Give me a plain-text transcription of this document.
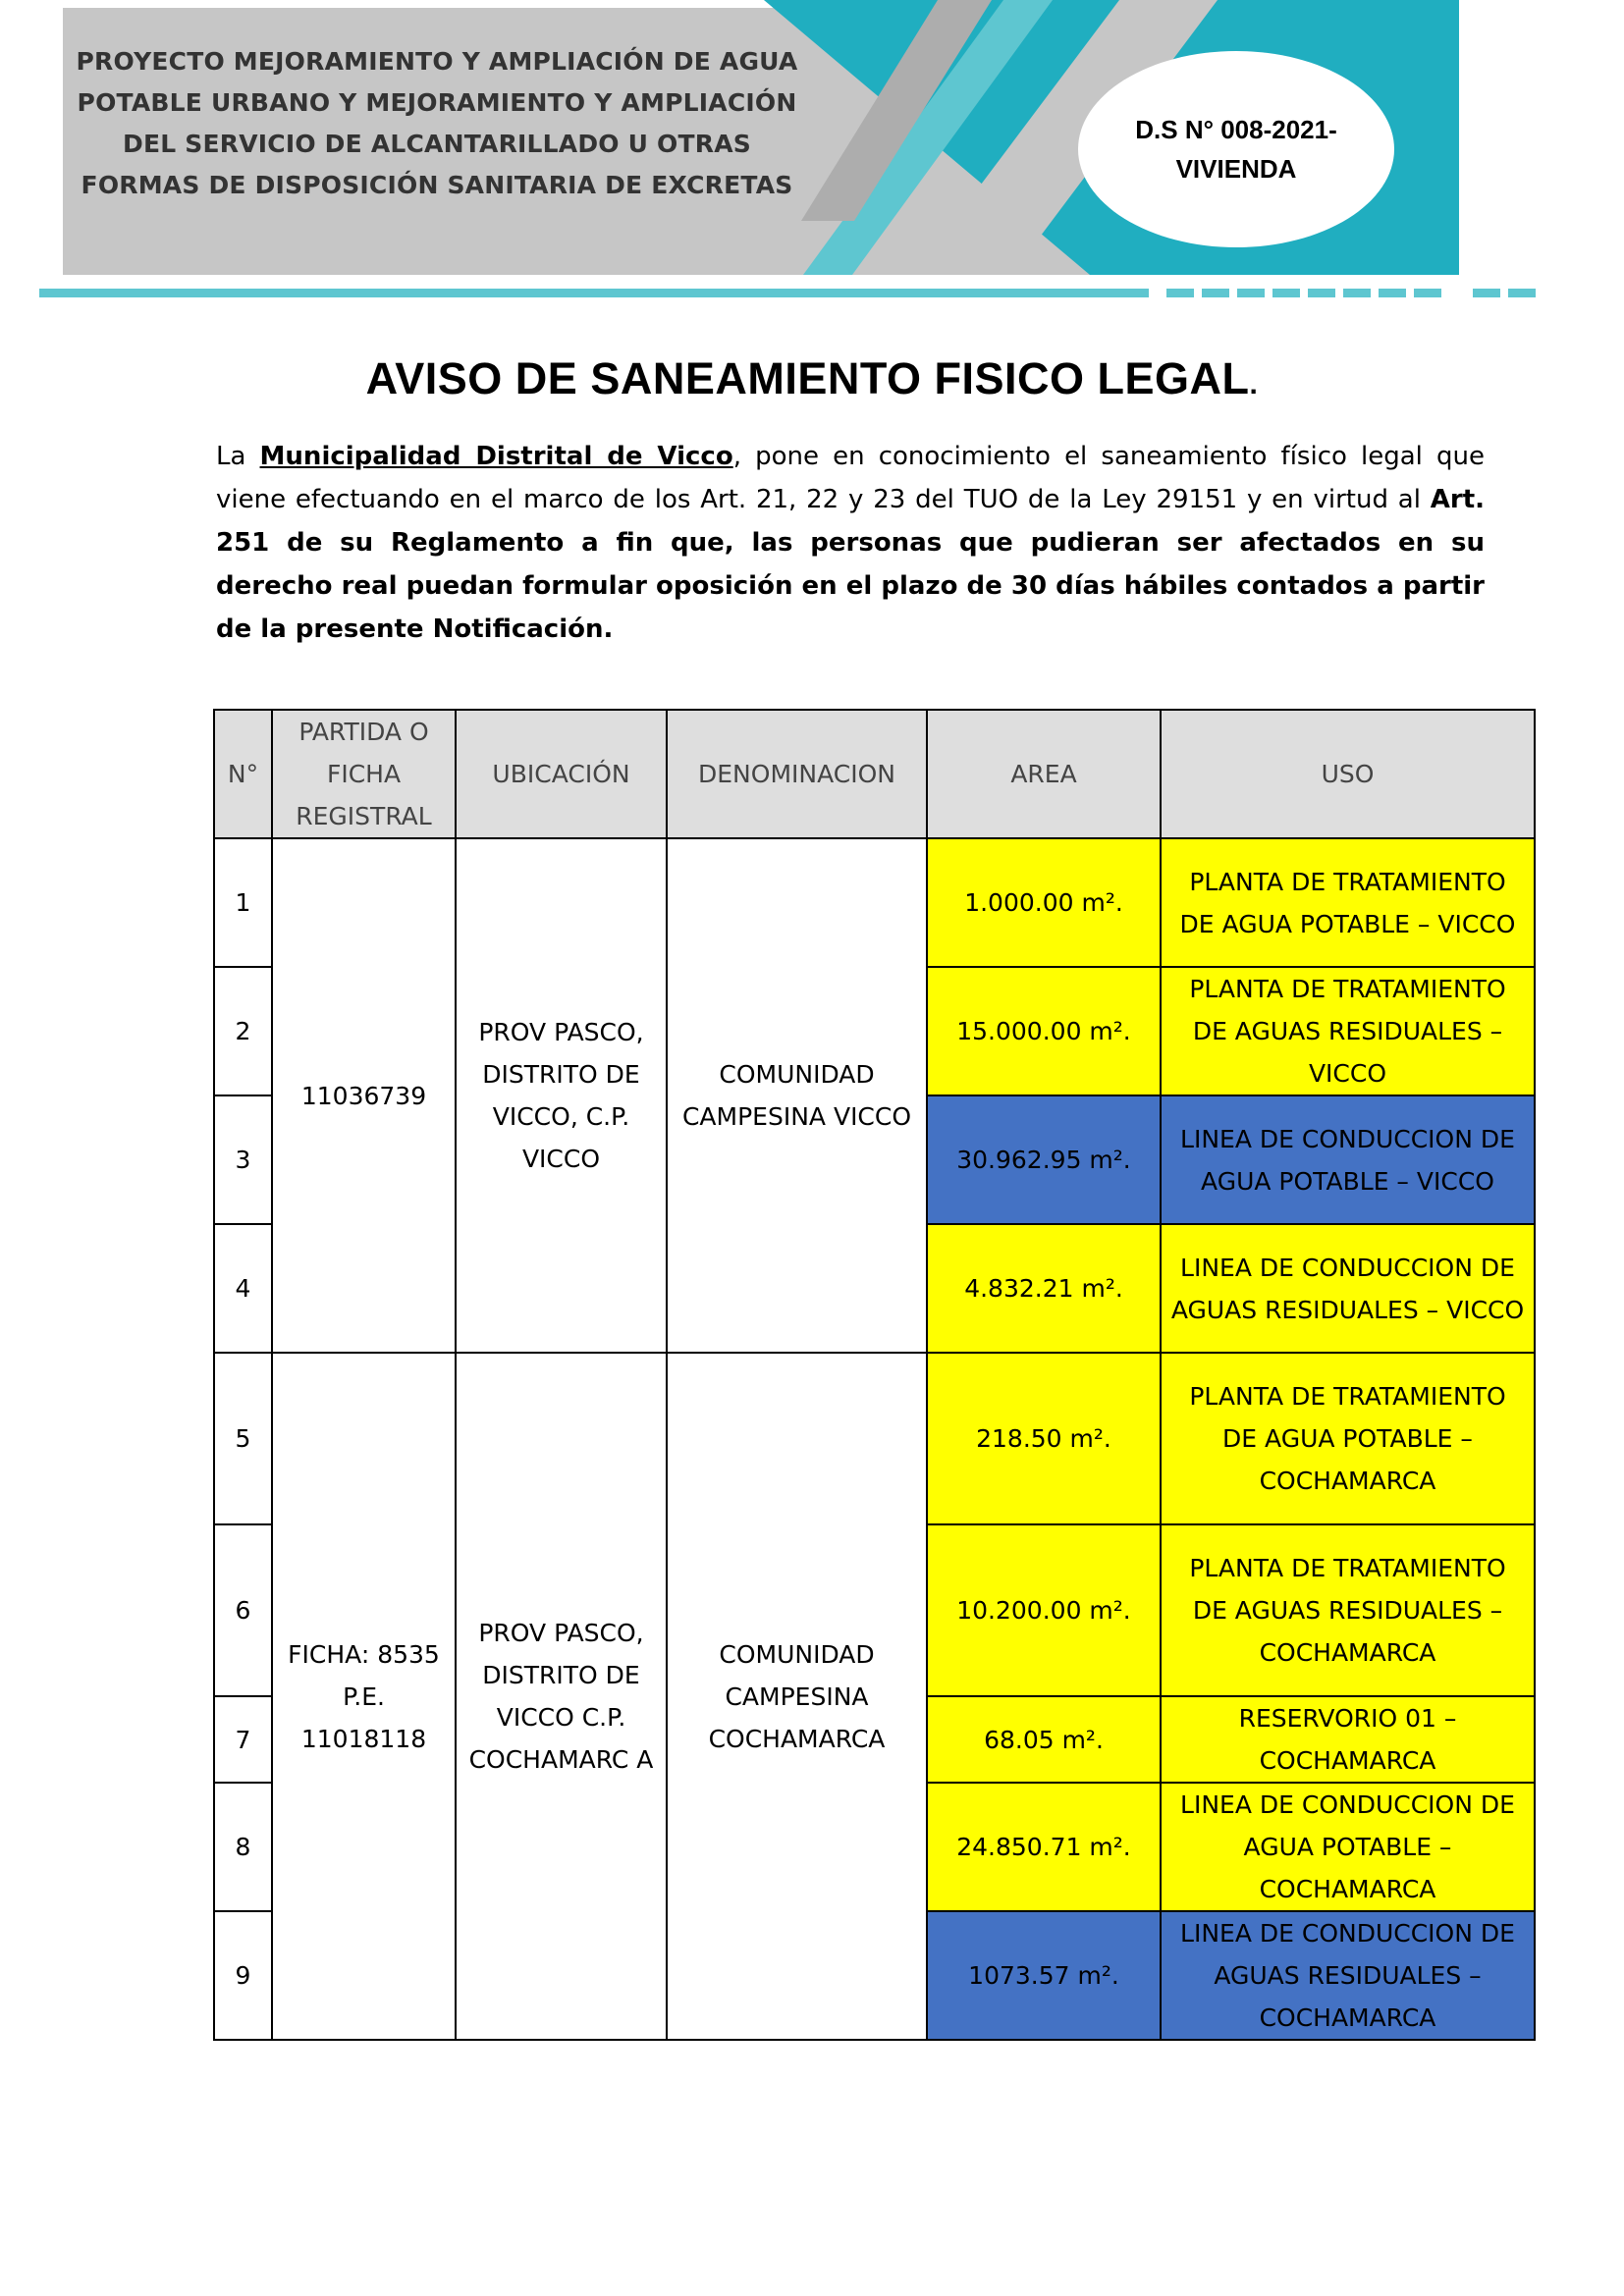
PROYECTO MEJORAMIENTO Y AMPLIACIÓN DE AGUA
POTABLE URBANO Y MEJORAMIENTO Y AMPLIACIÓN
DEL SERVICIO DE ALCANTARILLADO U OTRAS
FORMAS DE DISPOSICIÓN SANITARIA DE EXCRETAS
D.S N° 008-2021-
VIVIENDA
AVISO DE SANEAMIENTO FISICO LEGAL.
La Municipalidad Distrital de Vicco, pone en conocimiento el saneamiento físico legal que viene efectuando en el marco de los Art. 21, 22 y 23 del TUO de la Ley 29151 y en virtud al Art. 251 de su Reglamento a fin que, las personas que pudieran ser afectados en su derecho real puedan formular oposición en el plazo de 30 días hábiles contados a partir de la presente Notificación.
N°	PARTIDA O FICHA REGISTRAL	UBICACIÓN	DENOMINACION	AREA	USO
1	11036739	PROV PASCO, DISTRITO DE VICCO, C.P. VICCO	COMUNIDAD CAMPESINA VICCO	1.000.00 m².	PLANTA DE TRATAMIENTO DE AGUA POTABLE – VICCO
2				15.000.00 m².	PLANTA DE TRATAMIENTO DE AGUAS RESIDUALES – VICCO
3				30.962.95 m².	LINEA DE CONDUCCION DE AGUA POTABLE – VICCO
4				4.832.21 m².	LINEA DE CONDUCCION DE AGUAS RESIDUALES – VICCO
5	FICHA: 8535 P.E. 11018118	PROV PASCO, DISTRITO DE VICCO C.P. COCHAMARC A	COMUNIDAD CAMPESINA COCHAMARCA	218.50 m².	PLANTA DE TRATAMIENTO DE AGUA POTABLE – COCHAMARCA
6				10.200.00 m².	PLANTA DE TRATAMIENTO DE AGUAS RESIDUALES – COCHAMARCA
7				68.05 m².	RESERVORIO 01 – COCHAMARCA
8				24.850.71 m².	LINEA DE CONDUCCION DE AGUA POTABLE – COCHAMARCA
9				1073.57 m².	LINEA DE CONDUCCION DE AGUAS RESIDUALES – COCHAMARCA
